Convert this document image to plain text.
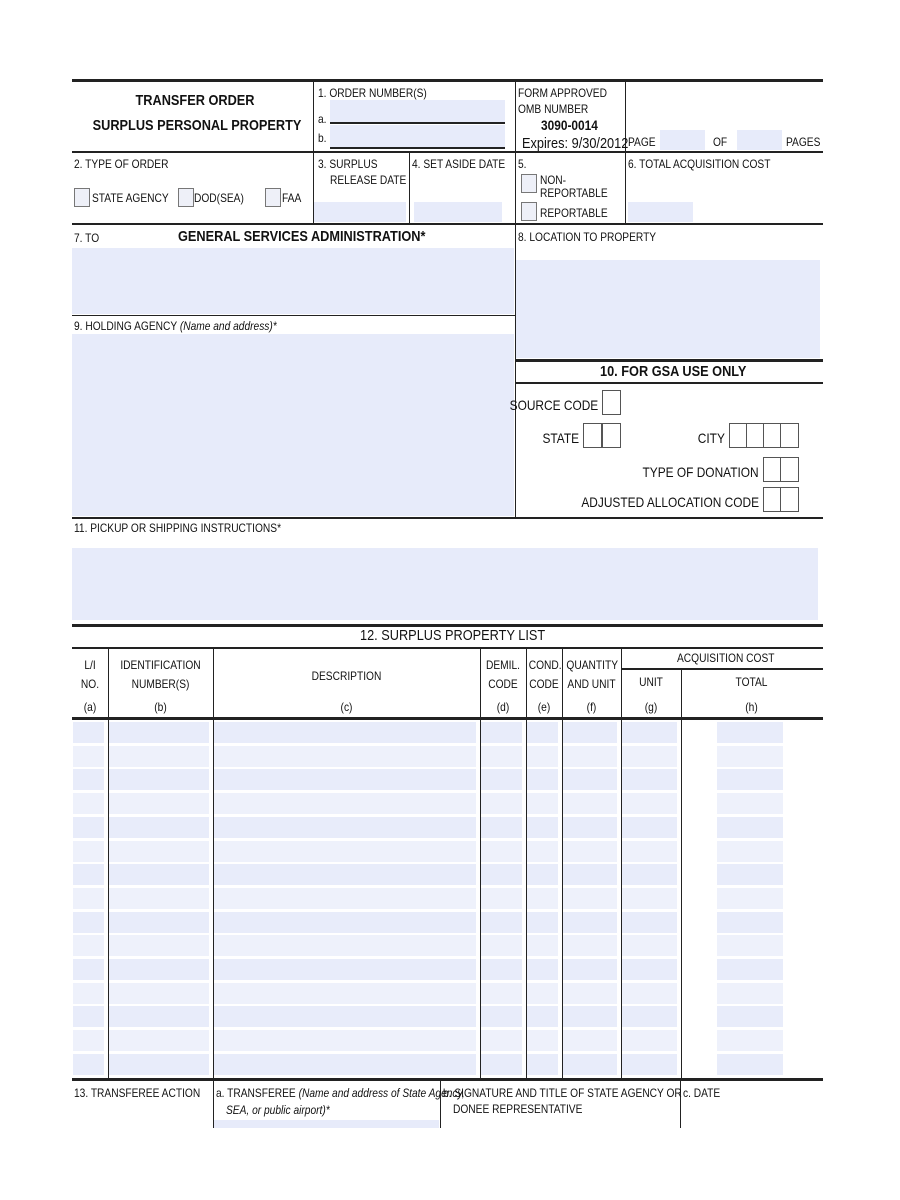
TRANSFER ORDER
SURPLUS PERSONAL PROPERTY
1. ORDER NUMBER(S)
a.
b.
FORM APPROVED
OMB NUMBER
3090-0014
Expires: 9/30/2012 PAGE	OF	PAGES
2. TYPE OF ORDER
STATE AGENCY DOD(SEA)	FAA
3. SURPLUS
RELEASE DATE
4. SET ASIDE DATE 5.
NON-
REPORTABLE
REPORTABLE
6. TOTAL ACQUISITION COST
7. TO	GENERAL SERVICES ADMINISTRATION*	8. LOCATION TO PROPERTY
9. HOLDING AGENCY (Name and address)*
10. FOR GSA USE ONLY
SOURCE CODE
STATE	CITY
TYPE OF DONATION
ADJUSTED ALLOCATION CODE
11. PICKUP OR SHIPPING INSTRUCTIONS*
12. SURPLUS PROPERTY LIST
ACQUISITION COST
L/I
NO.
(a)
IDENTIFICATION
NUMBER(S)
(b)
DESCRIPTION
(c)
DEMIL.
CODE
(d)
COND.
CODE
(e)
QUANTITY
AND UNIT
(f)
UNIT
(g)
TOTAL
(h)
13. TRANSFEREE ACTION a. TRANSFEREE (Name and address of State Agency,
SEA, or public airport)*
b. SIGNATURE AND TITLE OF STATE AGENCY OR
DONEE REPRESENTATIVE
c. DATE
